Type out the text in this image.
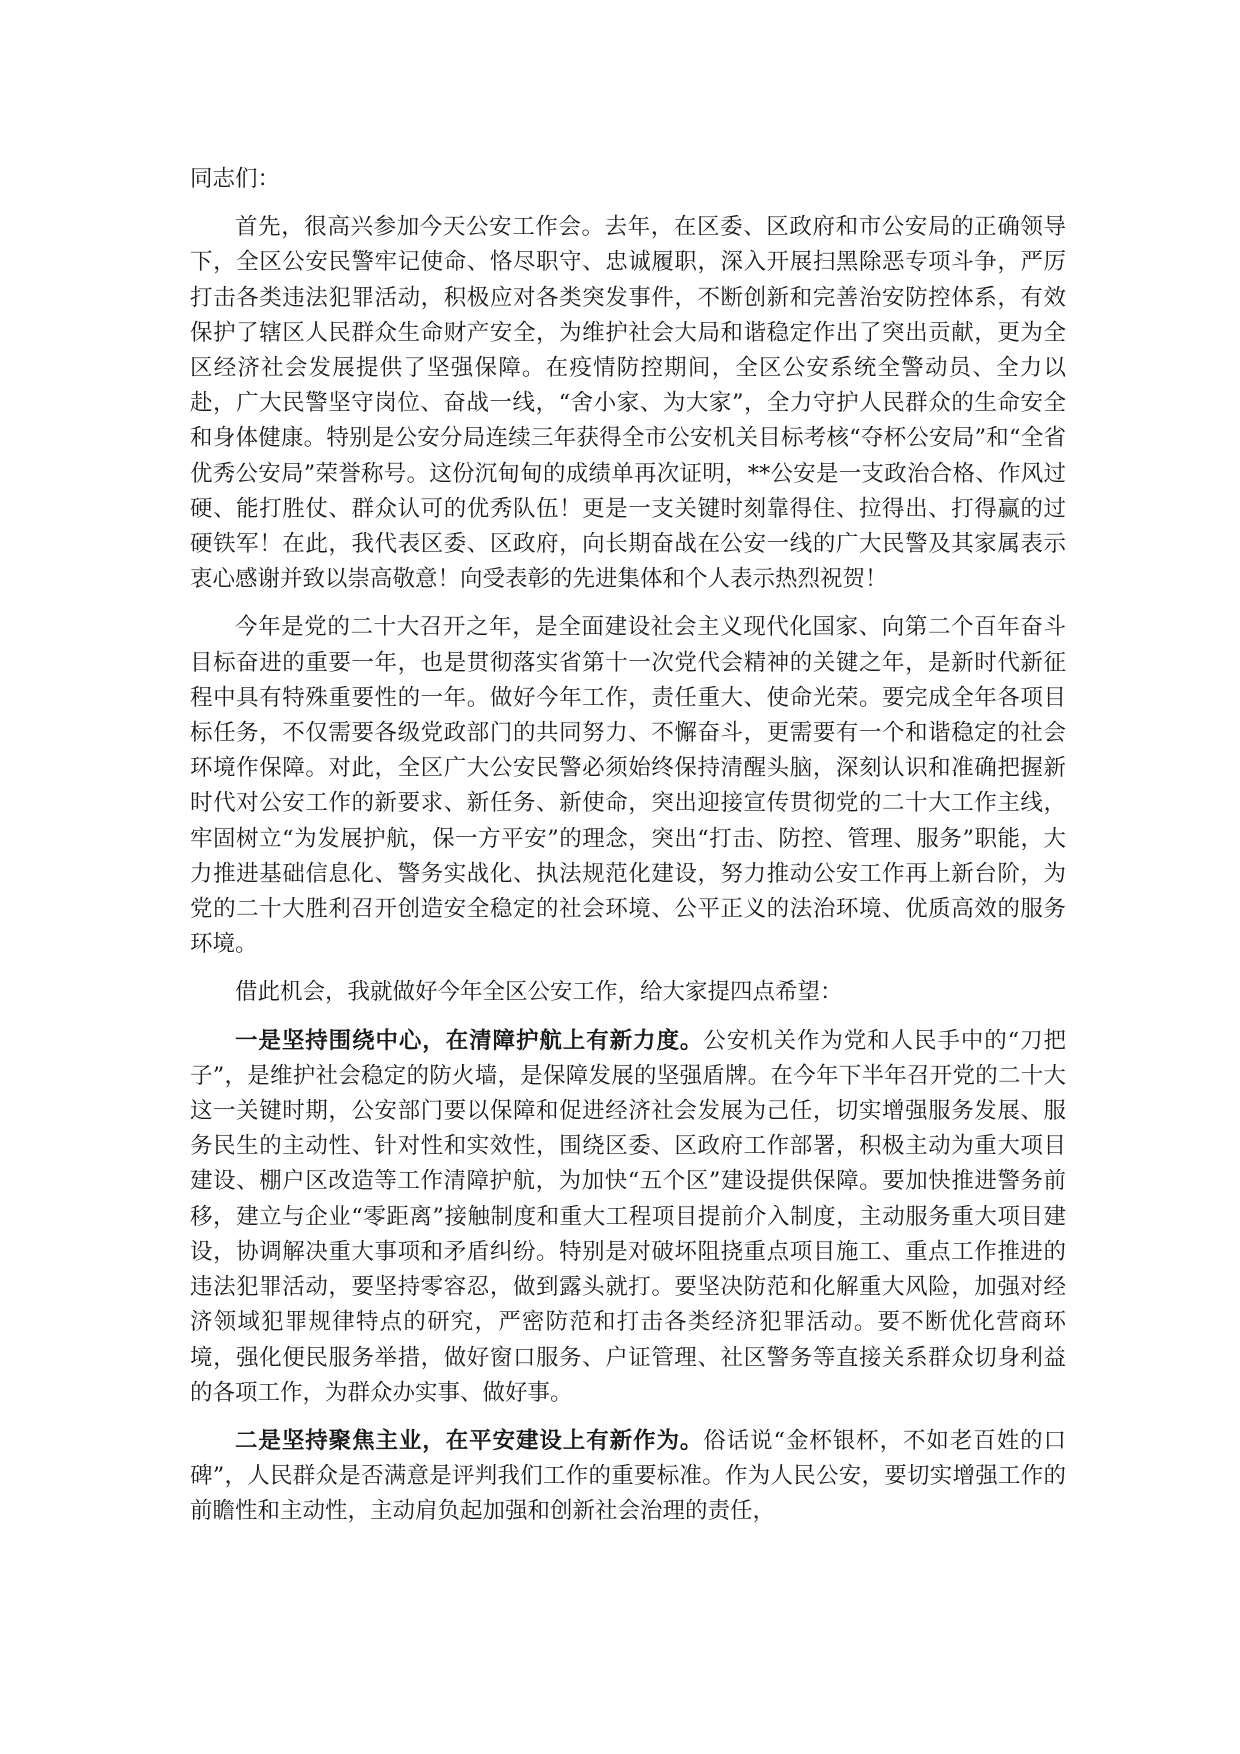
同志们：

首先，很高兴参加今天公安工作会。去年，在区委、区政府和市公安局的正确领导下，全区公安民警牢记使命、恪尽职守、忠诚履职，深入开展扫黑除恶专项斗争，严厉打击各类违法犯罪活动，积极应对各类突发事件，不断创新和完善治安防控体系，有效保护了辖区人民群众生命财产安全，为维护社会大局和谐稳定作出了突出贡献，更为全区经济社会发展提供了坚强保障。在疫情防控期间，全区公安系统全警动员、全力以赴，广大民警坚守岗位、奋战一线，“舍小家、为大家”，全力守护人民群众的生命安全和身体健康。特别是公安分局连续三年获得全市公安机关目标考核“夺杯公安局”和“全省优秀公安局”荣誉称号。这份沉甸甸的成绩单再次证明，**公安是一支政治合格、作风过硬、能打胜仗、群众认可的优秀队伍！更是一支关键时刻靠得住、拉得出、打得赢的过硬铁军！在此，我代表区委、区政府，向长期奋战在公安一线的广大民警及其家属表示衷心感谢并致以崇高敬意！向受表彰的先进集体和个人表示热烈祝贺！

今年是党的二十大召开之年，是全面建设社会主义现代化国家、向第二个百年奋斗目标奋进的重要一年，也是贯彻落实省第十一次党代会精神的关键之年，是新时代新征程中具有特殊重要性的一年。做好今年工作，责任重大、使命光荣。要完成全年各项目标任务，不仅需要各级党政部门的共同努力、不懈奋斗，更需要有一个和谐稳定的社会环境作保障。对此，全区广大公安民警必须始终保持清醒头脑，深刻认识和准确把握新时代对公安工作的新要求、新任务、新使命，突出迎接宣传贯彻党的二十大工作主线，牢固树立“为发展护航，保一方平安”的理念，突出“打击、防控、管理、服务”职能，大力推进基础信息化、警务实战化、执法规范化建设，努力推动公安工作再上新台阶，为党的二十大胜利召开创造安全稳定的社会环境、公平正义的法治环境、优质高效的服务环境。

借此机会，我就做好今年全区公安工作，给大家提四点希望：

一是坚持围绕中心，在清障护航上有新力度。公安机关作为党和人民手中的“刀把子”，是维护社会稳定的防火墙，是保障发展的坚强盾牌。在今年下半年召开党的二十大这一关键时期，公安部门要以保障和促进经济社会发展为己任，切实增强服务发展、服务民生的主动性、针对性和实效性，围绕区委、区政府工作部署，积极主动为重大项目建设、棚户区改造等工作清障护航，为加快“五个区”建设提供保障。要加快推进警务前移，建立与企业“零距离”接触制度和重大工程项目提前介入制度，主动服务重大项目建设，协调解决重大事项和矛盾纠纷。特别是对破坏阻挠重点项目施工、重点工作推进的违法犯罪活动，要坚持零容忍，做到露头就打。要坚决防范和化解重大风险，加强对经济领域犯罪规律特点的研究，严密防范和打击各类经济犯罪活动。要不断优化营商环境，强化便民服务举措，做好窗口服务、户证管理、社区警务等直接关系群众切身利益的各项工作，为群众办实事、做好事。

二是坚持聚焦主业，在平安建设上有新作为。俗话说“金杯银杯，不如老百姓的口碑”，人民群众是否满意是评判我们工作的重要标准。作为人民公安，要切实增强工作的前瞻性和主动性，主动肩负起加强和创新社会治理的责任，
